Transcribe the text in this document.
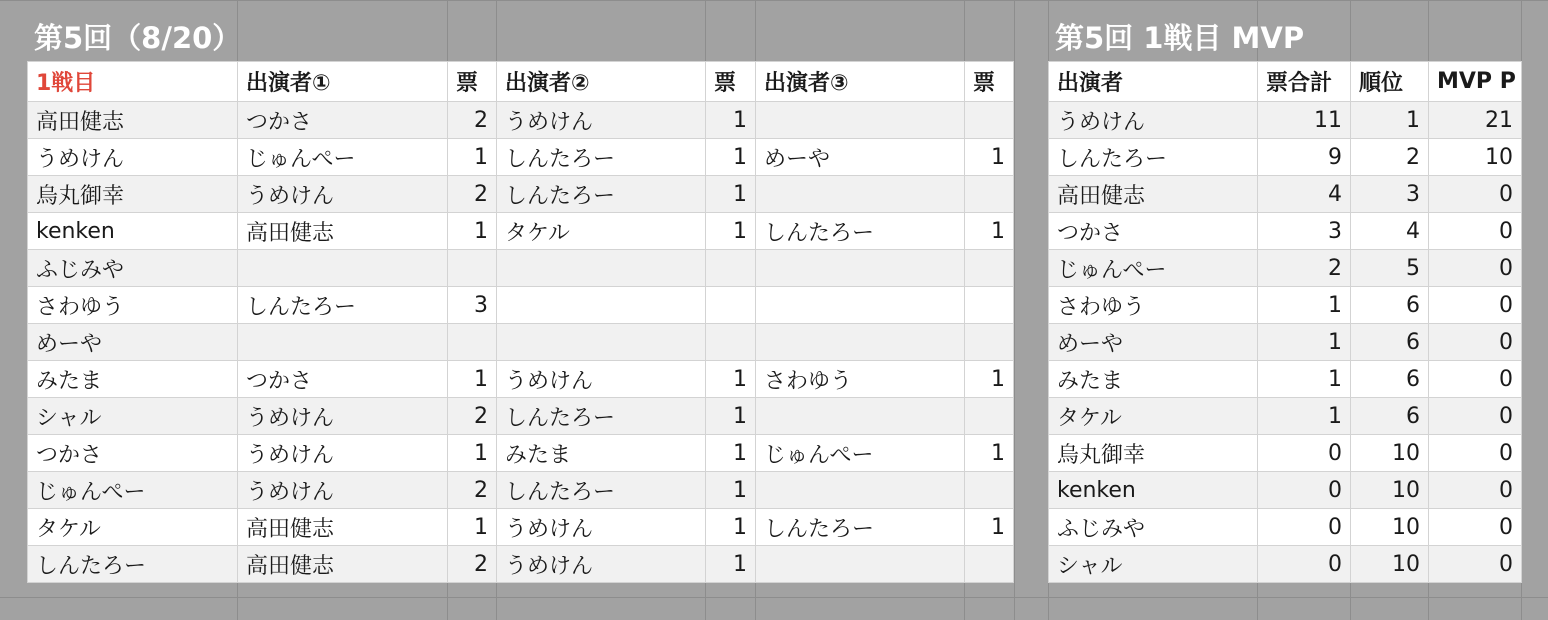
第5回（8/20）	第5回 1戦目 MVP
1戦目	出演者①	票	出演者②	票	出演者③	票
高田健志	つかさ	2	うめけん	1		
うめけん	じゅんぺー	1	しんたろー	1	めーや	1
烏丸御幸	うめけん	2	しんたろー	1		
kenken	高田健志	1	タケル	1	しんたろー	1
ふじみや						
さわゆう	しんたろー	3				
めーや						
みたま	つかさ	1	うめけん	1	さわゆう	1
シャル	うめけん	2	しんたろー	1		
つかさ	うめけん	1	みたま	1	じゅんぺー	1
じゅんぺー	うめけん	2	しんたろー	1		
タケル	高田健志	1	うめけん	1	しんたろー	1
しんたろー	高田健志	2	うめけん	1		
出演者	票合計	順位	MVP P
うめけん	11	1	21
しんたろー	9	2	10
高田健志	4	3	0
つかさ	3	4	0
じゅんぺー	2	5	0
さわゆう	1	6	0
めーや	1	6	0
みたま	1	6	0
タケル	1	6	0
烏丸御幸	0	10	0
kenken	0	10	0
ふじみや	0	10	0
シャル	0	10	0
